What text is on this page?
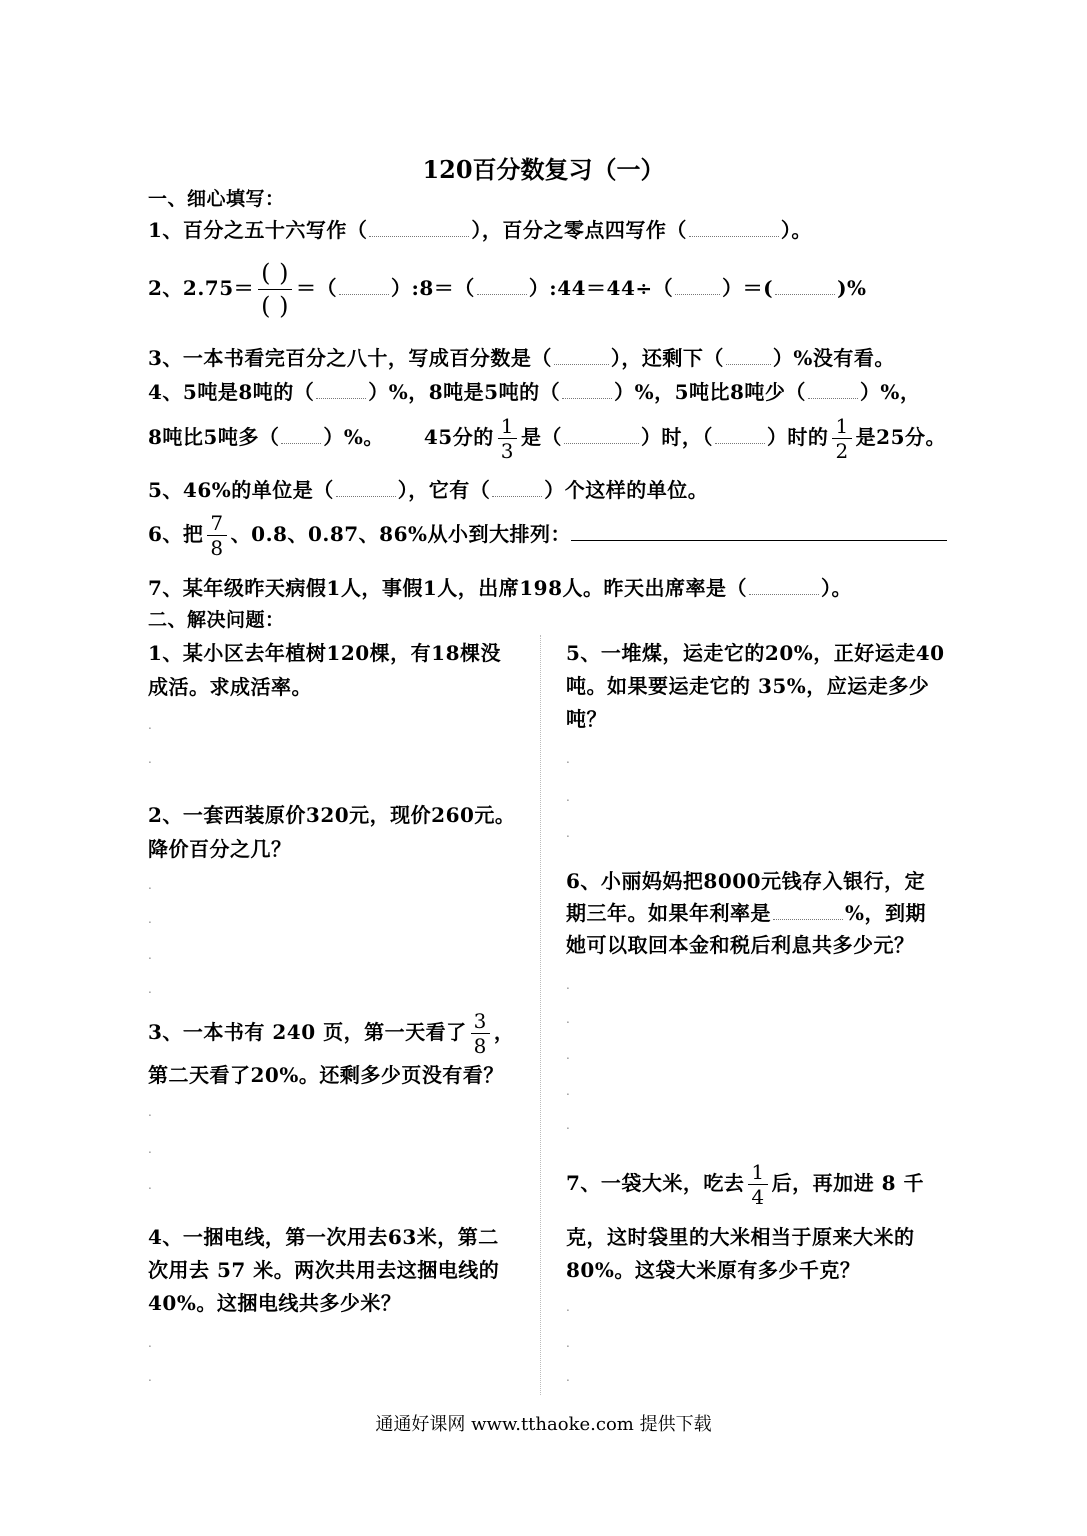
120百分数复习（一）
一、细心填写：
1、百分之五十六写作（	），百分之零点四写作（	）。
2、$2.75= \frac{( )}{( )}$ ＝（	）:8＝（	）:44＝44÷（ ）＝(	)%
3、一本书看完百分之八十，写成百分数是（	），还剩下（ ）%没有看。
4、5吨是8吨的（	）%，8吨是5吨的（	）%，5吨比8吨少（	）%，
8吨比5吨多（ ）%。 45分的 $\frac{1}{3}$ 是（	）时，（	）时的 $\frac{1}{2}$ 是25分。
5、46%的单位是（	），它有（	）个这样的单位。
6、把 $\frac{7}{8}$ 、0.8、0.87、86%从小到大排列：
7、某年级昨天病假1人，事假1人，出席198人。昨天出席率是（	）。
二、解决问题：
1、某小区去年植树120棵，有18棵没
成活。求成活率。
2、一套西装原价320元，现价260元。
降价百分之几？
3、一本书有 240 页，第一天看了 $\frac{3}{8}$ ，
第二天看了20%。还剩多少页没有看？
4、一捆电线，第一次用去63米，第二
次用去 57 米。两次共用去这捆电线的
40%。这捆电线共多少米？
5、一堆煤，运走它的20%，正好运走40
吨。如果要运走它的 35%，应运走多少
吨？
6、小丽妈妈把8000元钱存入银行，定
期三年。如果年利率是	%，到期
她可以取回本金和税后利息共多少元？
7、一袋大米，吃去 $\frac{1}{4}$ 后，再加进 8 千
克，这时袋里的大米相当于原来大米的
80%。这袋大米原有多少千克？
.
.
.
.
.
.
.
.
.
.
.
.
.
.
.
.
.
.
.
.
.
.
通通好课网 www.tthaoke.com 提供下载
